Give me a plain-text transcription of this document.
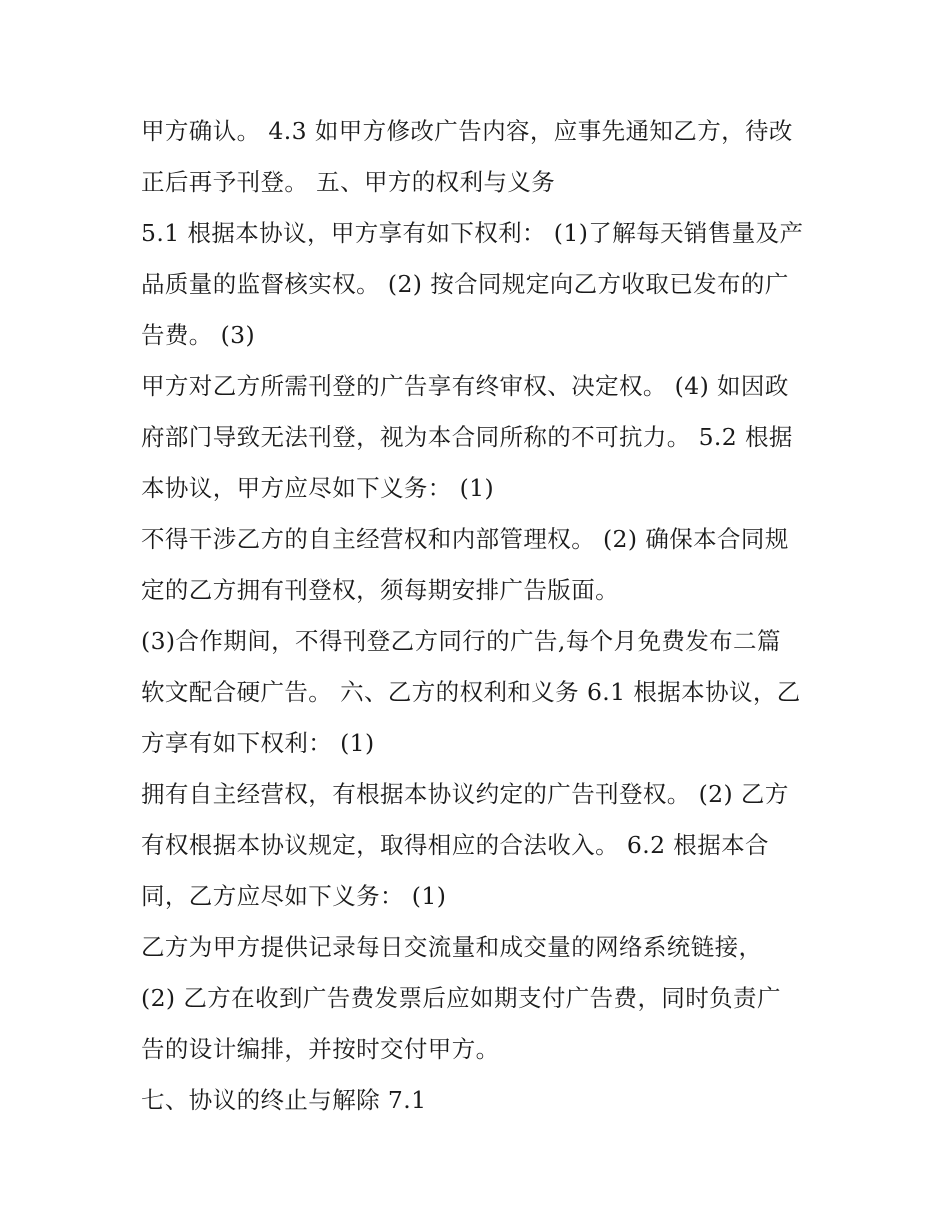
甲方确认。 4.3 如甲方修改广告内容，应事先通知乙方，待改
正后再予刊登。 五、甲方的权利与义务
5.1 根据本协议，甲方享有如下权利： (1)了解每天销售量及产
品质量的监督核实权。 (2) 按合同规定向乙方收取已发布的广
告费。 (3)
甲方对乙方所需刊登的广告享有终审权、决定权。 (4) 如因政
府部门导致无法刊登，视为本合同所称的不可抗力。 5.2 根据
本协议，甲方应尽如下义务： (1)
不得干涉乙方的自主经营权和内部管理权。 (2) 确保本合同规
定的乙方拥有刊登权，须每期安排广告版面。
(3)合作期间，不得刊登乙方同行的广告,每个月免费发布二篇
软文配合硬广告。 六、乙方的权利和义务 6.1 根据本协议，乙
方享有如下权利： (1)
拥有自主经营权，有根据本协议约定的广告刊登权。 (2) 乙方
有权根据本协议规定，取得相应的合法收入。 6.2 根据本合
同，乙方应尽如下义务： (1)
乙方为甲方提供记录每日交流量和成交量的网络系统链接，
(2) 乙方在收到广告费发票后应如期支付广告费，同时负责广
告的设计编排，并按时交付甲方。
七、协议的终止与解除 7.1
